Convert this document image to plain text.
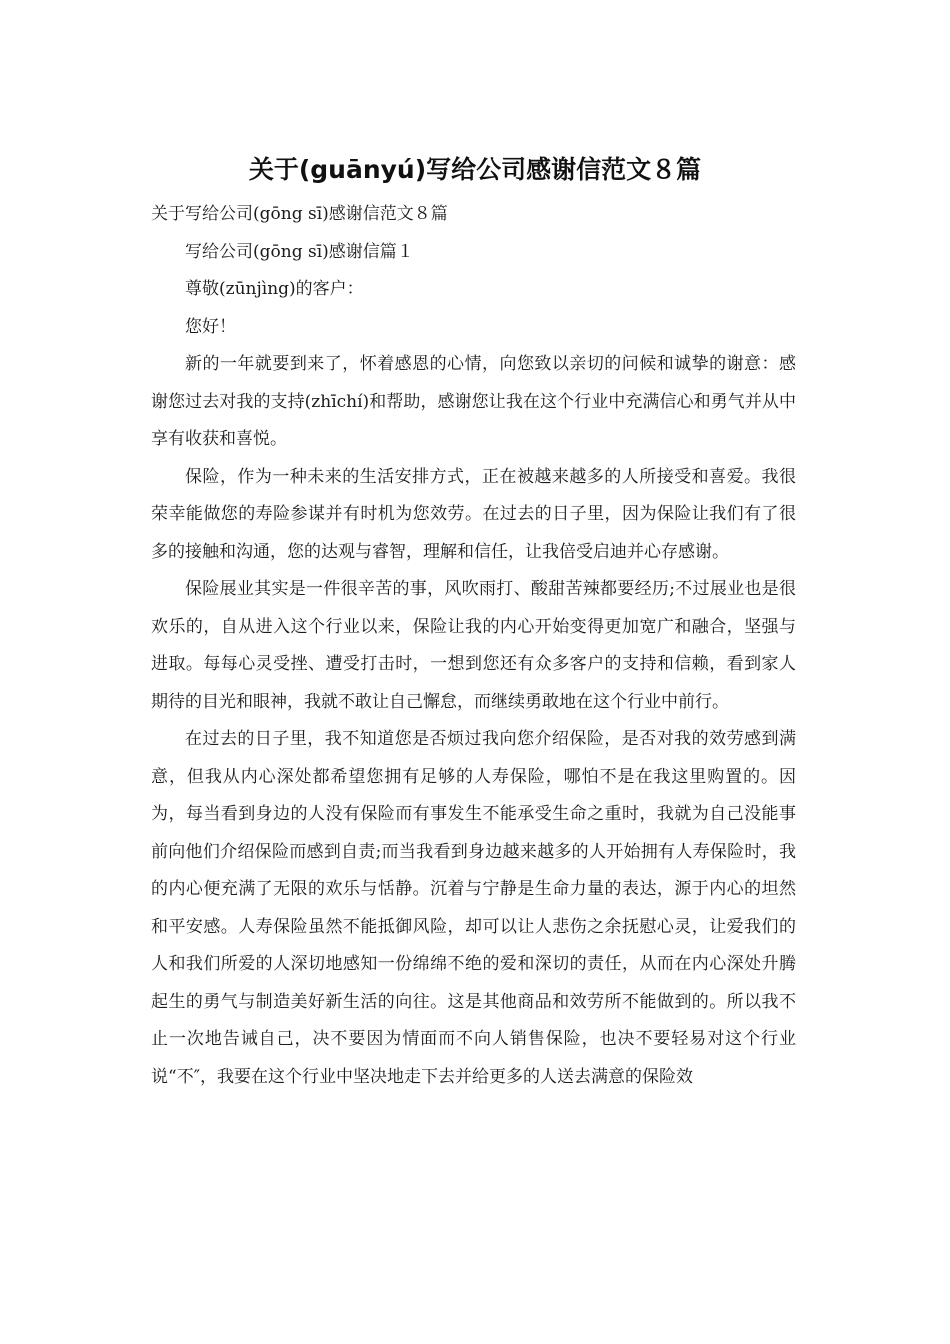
关于(guānyú)写给公司感谢信范文８篇
关于写给公司(gōng sī)感谢信范文８篇
写给公司(gōng sī)感谢信篇１
尊敬(zūnjìng)的客户：
您好！

新的一年就要到来了，怀着感恩的心情，向您致以亲切的问候和诚挚的谢意：感谢您过去对我的支持(zhīchí)和帮助，感谢您让我在这个行业中充满信心和勇气并从中享有收获和喜悦。

保险，作为一种未来的生活安排方式，正在被越来越多的人所接受和喜爱。我很荣幸能做您的寿险参谋并有时机为您效劳。在过去的日子里，因为保险让我们有了很多的接触和沟通，您的达观与睿智，理解和信任，让我倍受启迪并心存感谢。

保险展业其实是一件很辛苦的事，风吹雨打、酸甜苦辣都要经历;不过展业也是很欢乐的，自从进入这个行业以来，保险让我的内心开始变得更加宽广和融合，坚强与进取。每每心灵受挫、遭受打击时，一想到您还有众多客户的支持和信赖，看到家人期待的目光和眼神，我就不敢让自己懈怠，而继续勇敢地在这个行业中前行。

在过去的日子里，我不知道您是否烦过我向您介绍保险，是否对我的效劳感到满意，但我从内心深处都希望您拥有足够的人寿保险，哪怕不是在我这里购置的。因为，每当看到身边的人没有保险而有事发生不能承受生命之重时，我就为自己没能事前向他们介绍保险而感到自责;而当我看到身边越来越多的人开始拥有人寿保险时，我的内心便充满了无限的欢乐与恬静。沉着与宁静是生命力量的表达，源于内心的坦然和平安感。人寿保险虽然不能抵御风险，却可以让人悲伤之余抚慰心灵，让爱我们的人和我们所爱的人深切地感知一份绵绵不绝的爱和深切的责任，从而在内心深处升腾起生的勇气与制造美好新生活的向往。这是其他商品和效劳所不能做到的。所以我不止一次地告诫自己，决不要因为情面而不向人销售保险，也决不要轻易对这个行业说“不″，我要在这个行业中坚决地走下去并给更多的人送去满意的保险效
